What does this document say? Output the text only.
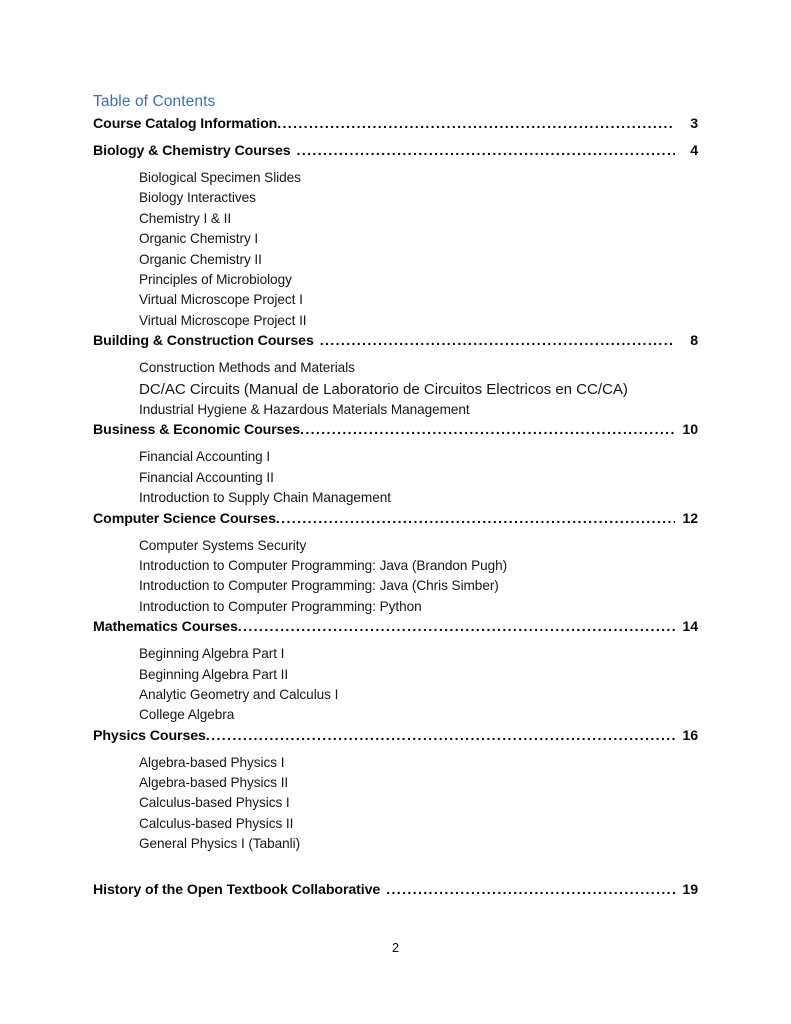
Table of Contents
Course Catalog Information .....	3
Biology & Chemistry Courses .....	4
Biological Specimen Slides
Biology Interactives
Chemistry I & II
Organic Chemistry I
Organic Chemistry II
Principles of Microbiology
Virtual Microscope Project I
Virtual Microscope Project II
Building & Construction Courses .....	8
Construction Methods and Materials
DC/AC Circuits (Manual de Laboratorio de Circuitos Electricos en CC/CA)
Industrial Hygiene & Hazardous Materials Management
Business & Economic Courses .....	10
Financial Accounting I
Financial Accounting II
Introduction to Supply Chain Management
Computer Science Courses .....	12
Computer Systems Security
Introduction to Computer Programming: Java (Brandon Pugh)
Introduction to Computer Programming: Java (Chris Simber)
Introduction to Computer Programming: Python
Mathematics Courses .....	14
Beginning Algebra Part I
Beginning Algebra Part II
Analytic Geometry and Calculus I
College Algebra
Physics Courses .....	16
Algebra-based Physics I
Algebra-based Physics II
Calculus-based Physics I
Calculus-based Physics II
General Physics I (Tabanli)
History of the Open Textbook Collaborative .....	19
2
